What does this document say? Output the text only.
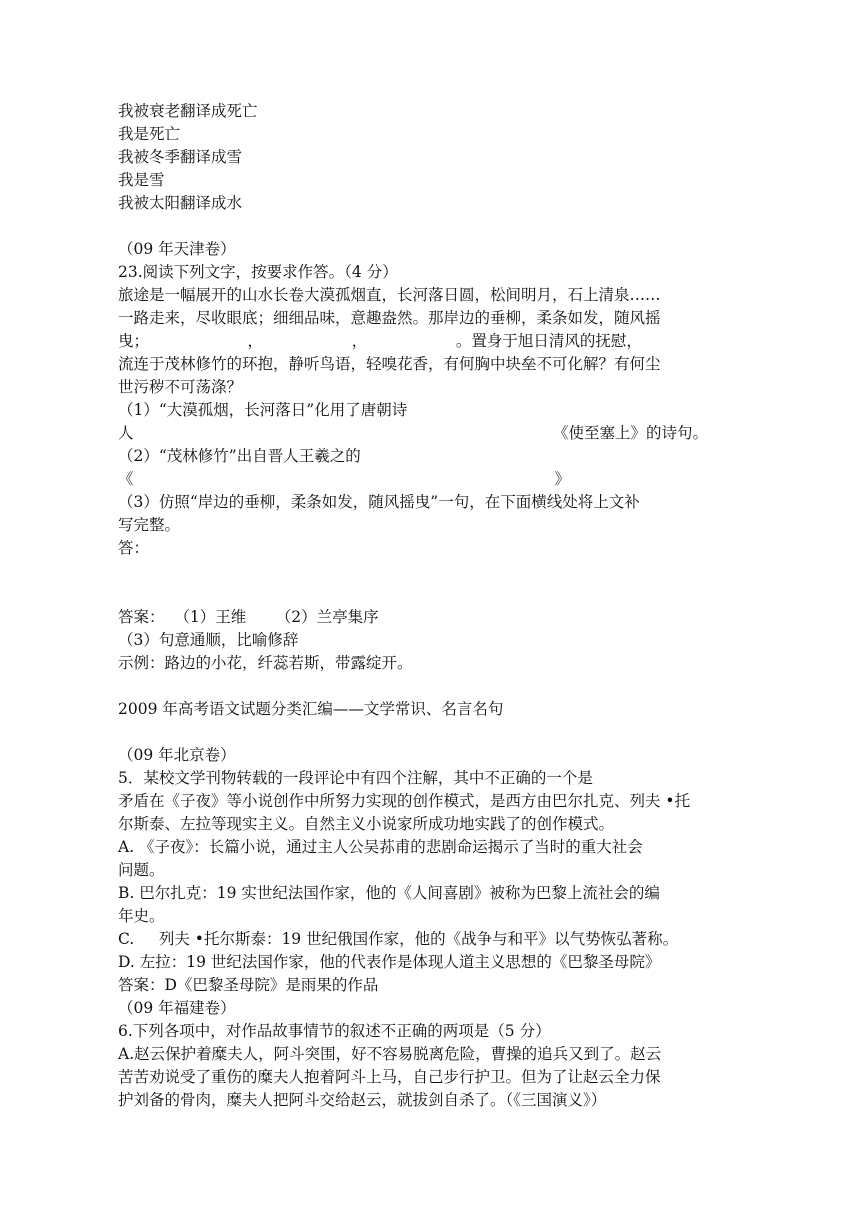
我被衰老翻译成死亡
我是死亡
我被冬季翻译成雪
我是雪
我被太阳翻译成水
（09 年天津卷）
23.阅读下列文字，按要求作答。（4 分）
旅途是一幅展开的山水长卷大漠孤烟直，长河落日圆，松间明月，石上清泉……
一路走来，尽收眼底；细细品味，意趣盎然。那岸边的垂柳，柔条如发，随风摇
曳；                    ，                  ，                  。置身于旭日清风的抚慰，
流连于茂林修竹的环抱，静听鸟语，轻嗅花香，有何胸中块垒不可化解？有何尘
世污秽不可荡涤？
（1）“大漠孤烟，长河落日”化用了唐朝诗
人	《使至塞上》的诗句。
（2）“茂林修竹”出自晋人王羲之的
《	》
（3）仿照“岸边的垂柳，柔条如发，随风摇曳”一句，在下面横线处将上文补
写完整。
答：
答案：  （1）王维      （2）兰亭集序
（3）句意通顺，比喻修辞
示例：路边的小花，纤蕊若斯，带露绽开。
2009 年高考语文试题分类汇编——文学常识、名言名句
（09 年北京卷）
5．某校文学刊物转载的一段评论中有四个注解，其中不正确的一个是
矛盾在《子夜》等小说创作中所努力实现的创作模式，是西方由巴尔扎克、列夫 •托
尔斯泰、左拉等现实主义。自然主义小说家所成功地实践了的创作模式。
A. 《子夜》：长篇小说，通过主人公吴荪甫的悲剧命运揭示了当时的重大社会
问题。
B. 巴尔扎克：19 实世纪法国作家，他的《人间喜剧》被称为巴黎上流社会的编
年史。
C.     列夫 •托尔斯泰：19 世纪俄国作家，他的《战争与和平》以气势恢弘著称。
D. 左拉：19 世纪法国作家，他的代表作是体现人道主义思想的《巴黎圣母院》
答案：D《巴黎圣母院》是雨果的作品
（09 年福建卷）
6.下列各项中，对作品故事情节的叙述不正确的两项是（5 分）
A.赵云保护着糜夫人，阿斗突围，好不容易脱离危险，曹操的追兵又到了。赵云
苦苦劝说受了重伤的糜夫人抱着阿斗上马，自己步行护卫。但为了让赵云全力保
护刘备的骨肉，糜夫人把阿斗交给赵云，就拔剑自杀了。（《三国演义》）
